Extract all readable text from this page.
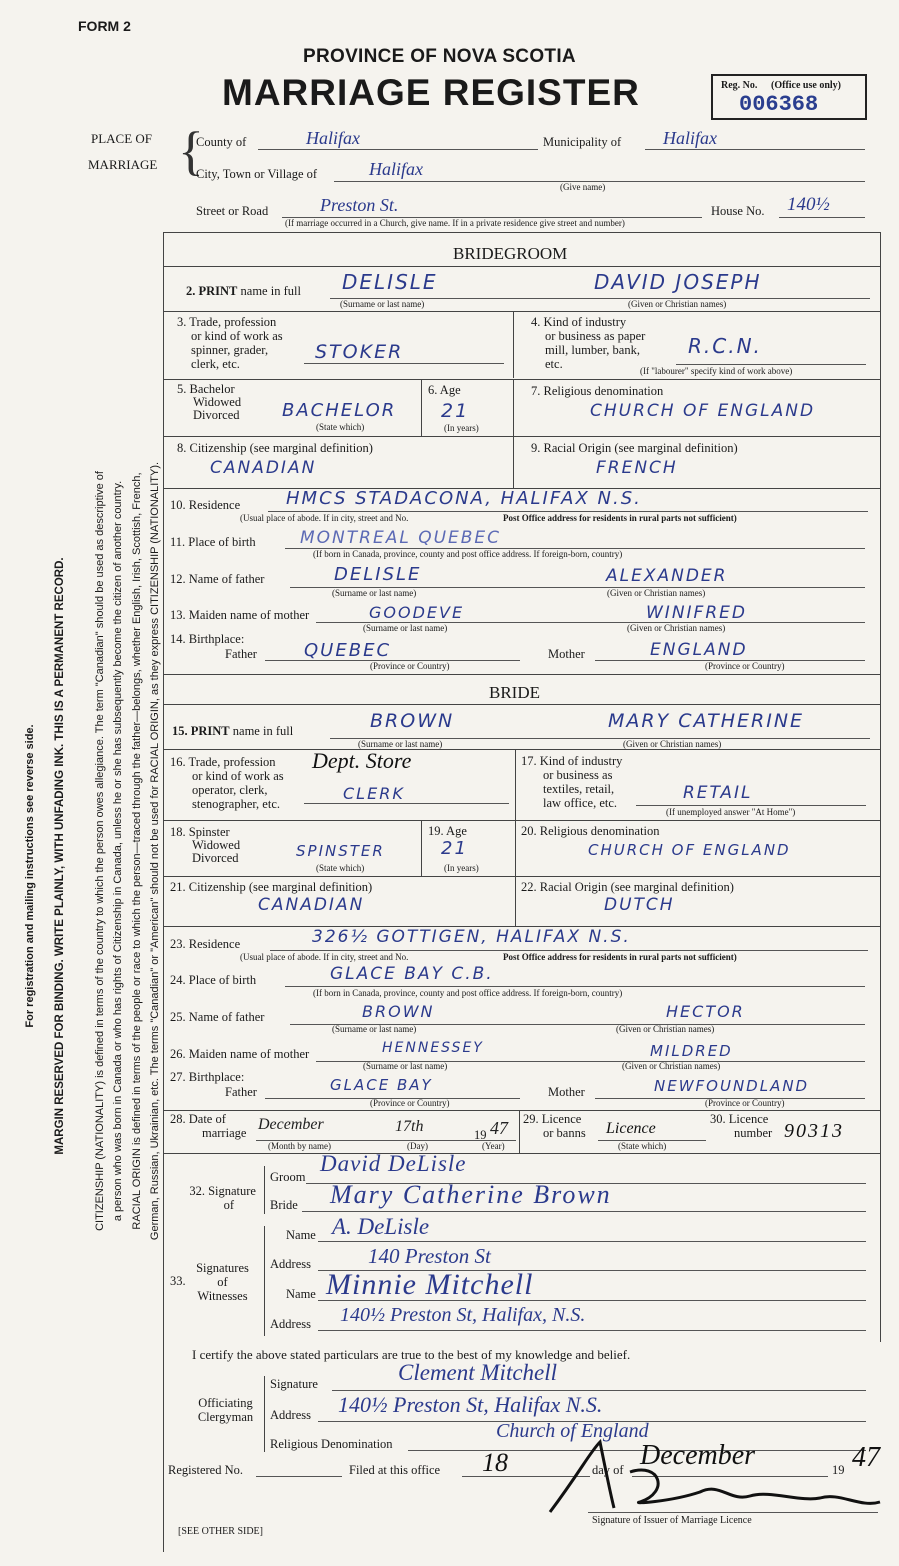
FORM 2
PROVINCE OF NOVA SCOTIA
MARRIAGE REGISTER	Reg. No. (Office use only)
006368
For registration and mailing instructions see reverse side. MARGIN RESERVED FOR BINDING. WRITE PLAINLY, WITH UNFADING INK. THIS IS A PERMANENT RECORD.	CITIZENSHIP (NATIONALITY) is defined in terms of the country to which the person owes allegiance. The term "Canadian" should be used as descriptive of a person who was born in Canada or who has rights of Citizenship in Canada, unless he or she has subsequently become the citizen of another country. RACIAL ORIGIN is defined in terms of the people or race to which the person—traced through the father—belongs, whether English, Irish, Scottish, French, German, Russian, Ukrainian, etc. The terms "Canadian" or "American" should not be used for RACIAL ORIGIN, as they express CITIZENSHIP (NATIONALITY).
PLACE OF
MARRIAGE {
County of	Halifax	Municipality of Halifax
City, Town or Village of	Halifax
(Give name)
Street or Road	Preston St.	House No. 140½
(If marriage occurred in a Church, give name. If in a private residence give street and number)
BRIDEGROOM
2. PRINT name in full DELISLE	DAVID JOSEPH
(Surname or last name)	(Given or Christian names)
3. Trade, profession
or kind of work as
spinner, grader,
clerk, etc.
STOKER
4. Kind of industry
or business as paper
mill, lumber, bank,
etc.
R.C.N.
(If "labourer" specify kind of work above)
5. Bachelor
Widowed
Divorced	BACHELOR
(State which)
6. Age
21
(In years)
7. Religious denomination
CHURCH OF ENGLAND
8. Citizenship (see marginal definition)
CANADIAN
9. Racial Origin (see marginal definition)
FRENCH
10. Residence	HMCS STADACONA, HALIFAX N.S.
(Usual place of abode. If in city, street and No.	Post Office address for residents in rural parts not sufficient)
11. Place of birth	MONTREAL QUEBEC
(If born in Canada, province, county and post office address. If foreign-born, country)
12. Name of father	DELISLE	ALEXANDER
(Surname or last name)	(Given or Christian names)
13. Maiden name of mother	GOODEVE	WINIFRED
(Surname or last name)	(Given or Christian names)
14. Birthplace:
Father	QUEBEC	Mother	ENGLAND
(Province or Country)	(Province or Country)
BRIDE
15. PRINT name in full	BROWN	MARY CATHERINE
(Surname or last name)	(Given or Christian names)
16. Trade, profession
or kind of work as
operator, clerk,
stenographer, etc.
Dept. Store
CLERK
17. Kind of industry
or business as
textiles, retail,
law office, etc.	RETAIL
(If unemployed answer "At Home")
18. Spinster
Widowed
Divorced	SPINSTER
(State which)
19. Age
21
(In years)
20. Religious denomination
CHURCH OF ENGLAND
21. Citizenship (see marginal definition)
CANADIAN
22. Racial Origin (see marginal definition)
DUTCH
23. Residence	326½ GOTTIGEN, HALIFAX N.S.
(Usual place of abode. If in city, street and No.	Post Office address for residents in rural parts not sufficient)
24. Place of birth	GLACE BAY C.B.
(If born in Canada, province, county and post office address. If foreign-born, country)
25. Name of father	BROWN	HECTOR
(Surname or last name)	(Given or Christian names)
26. Maiden name of mother	HENNESSEY	MILDRED
(Surname or last name)	(Given or Christian names)
27. Birthplace:
Father	GLACE BAY	Mother	NEWFOUNDLAND
(Province or Country)	(Province or Country)
28. Date of
marriage December	17th	19 47
(Month by name)	(Day)	(Year)
29. Licence
or banns	Licence
(State which)
30. Licence
number 90313
32. Signature
of
Groom
David DeLisle
Bride Mary Catherine Brown
Signatures
of
Witnesses
33.
Name A. DeLisle
Address	140 Preston St
Name Minnie Mitchell
Address 140½ Preston St, Halifax, N.S.
I certify the above stated particulars are true to the best of my knowledge and belief.
Officiating
Clergyman
Signature	Clement Mitchell
Address 140½ Preston St, Halifax N.S.
Religious Denomination
Church of England
Registered No.	Filed at this office 18	day of December	19 47
Signature of Issuer of Marriage Licence
[SEE OTHER SIDE]
